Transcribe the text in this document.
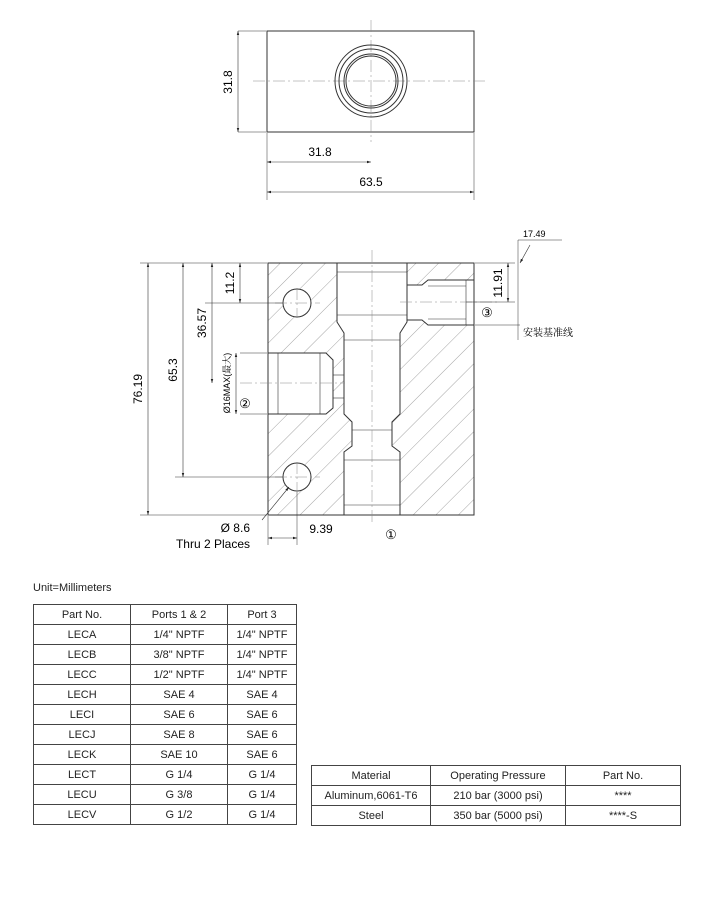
31.8
31.8
63.5
76.19
65.3
36.57
11.2
Ø16MAX(最大)
11.91
17.49
安装基准线
Ø 8.6
Thru 2 Places
9.39	①
②
③
Unit=Millimeters
Part No.	Ports 1 & 2	Port 3
LECA	1/4" NPTF	1/4" NPTF
LECB	3/8" NPTF	1/4" NPTF
LECC	1/2" NPTF	1/4" NPTF
LECH	SAE 4	SAE 4
LECI	SAE 6	SAE 6
LECJ	SAE 8	SAE 6
LECK	SAE 10	SAE 6
LECT	G 1/4	G 1/4
LECU	G 3/8	G 1/4
LECV	G 1/2	G 1/4
Material	Operating Pressure	Part No.
Aluminum,6061-T6	210 bar (3000 psi)	****
Steel	350 bar (5000 psi)	****-S
